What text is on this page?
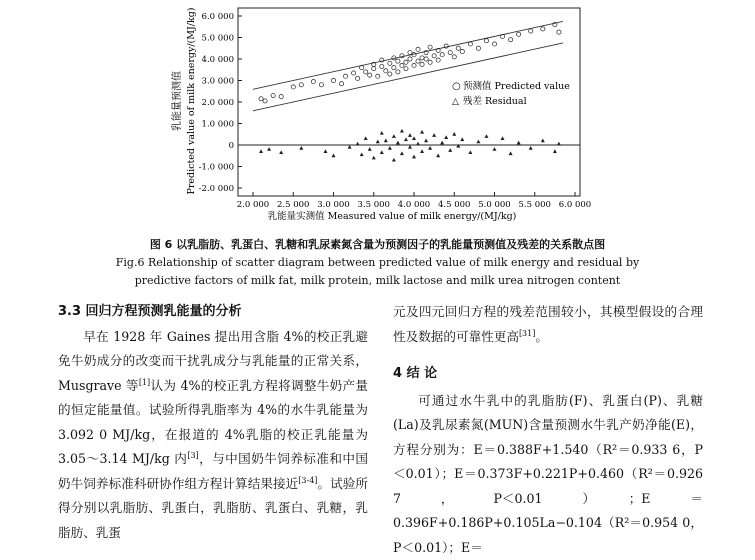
6.0 000
5.0 000
4.0 000
3.0 000
2.0 000
1.0 000
0
-1.0 000
-2.0 000
2.0 000 2.5 000 3.0 000 3.5 000 4.0 000 4.5 000 5.0 000 5.5 000 6.0 000
乳能量预测值 Predicted value of milk energy/(MJ/kg)
乳能量实测值 Measured value of milk energy/(MJ/kg)
○ 预测值 Predicted value
△ 残差 Residual
图 6 以乳脂肪、乳蛋白、乳糖和乳尿素氮含量为预测因子的乳能量预测值及残差的关系散点图
Fig.6 Relationship of scatter diagram between predicted value of milk energy and residual by
predictive factors of milk fat, milk protein, milk lactose and milk urea nitrogen content
3.3 回归方程预测乳能量的分析
早在 1928 年 Gaines 提出用含脂 4%的校正乳避免牛奶成分的改变而干扰乳成分与乳能量的正常关系，Musgrave 等[1]认为 4%的校正乳方程将调整牛奶产量的恒定能量值。试验所得乳脂率为 4%的水牛乳能量为 3.092 0 MJ/kg，在报道的 4%乳脂的校正乳能量为 3.05～3.14 MJ/kg 内[3]，与中国奶牛饲养标准和中国奶牛饲养标准科研协作组方程计算结果接近[3-4]。试验所得分别以乳脂肪、乳蛋白，乳脂肪、乳蛋白、乳糖，乳脂肪、乳蛋
元及四元回归方程的残差范围较小，其模型假设的合理性及数据的可靠性更高[31]。
4 结 论
可通过水牛乳中的乳脂肪(F)、乳蛋白(P)、乳糖(La)及乳尿素氮(MUN)含量预测水牛乳产奶净能(E)，方程分别为：E＝0.388F+1.540（R²＝0.933 6，P＜0.01）；E＝0.373F+0.221P+0.460（R²＝0.926 7，P＜0.01）；E＝0.396F+0.186P+0.105La−0.104（R²＝0.954 0，P＜0.01）；E＝
